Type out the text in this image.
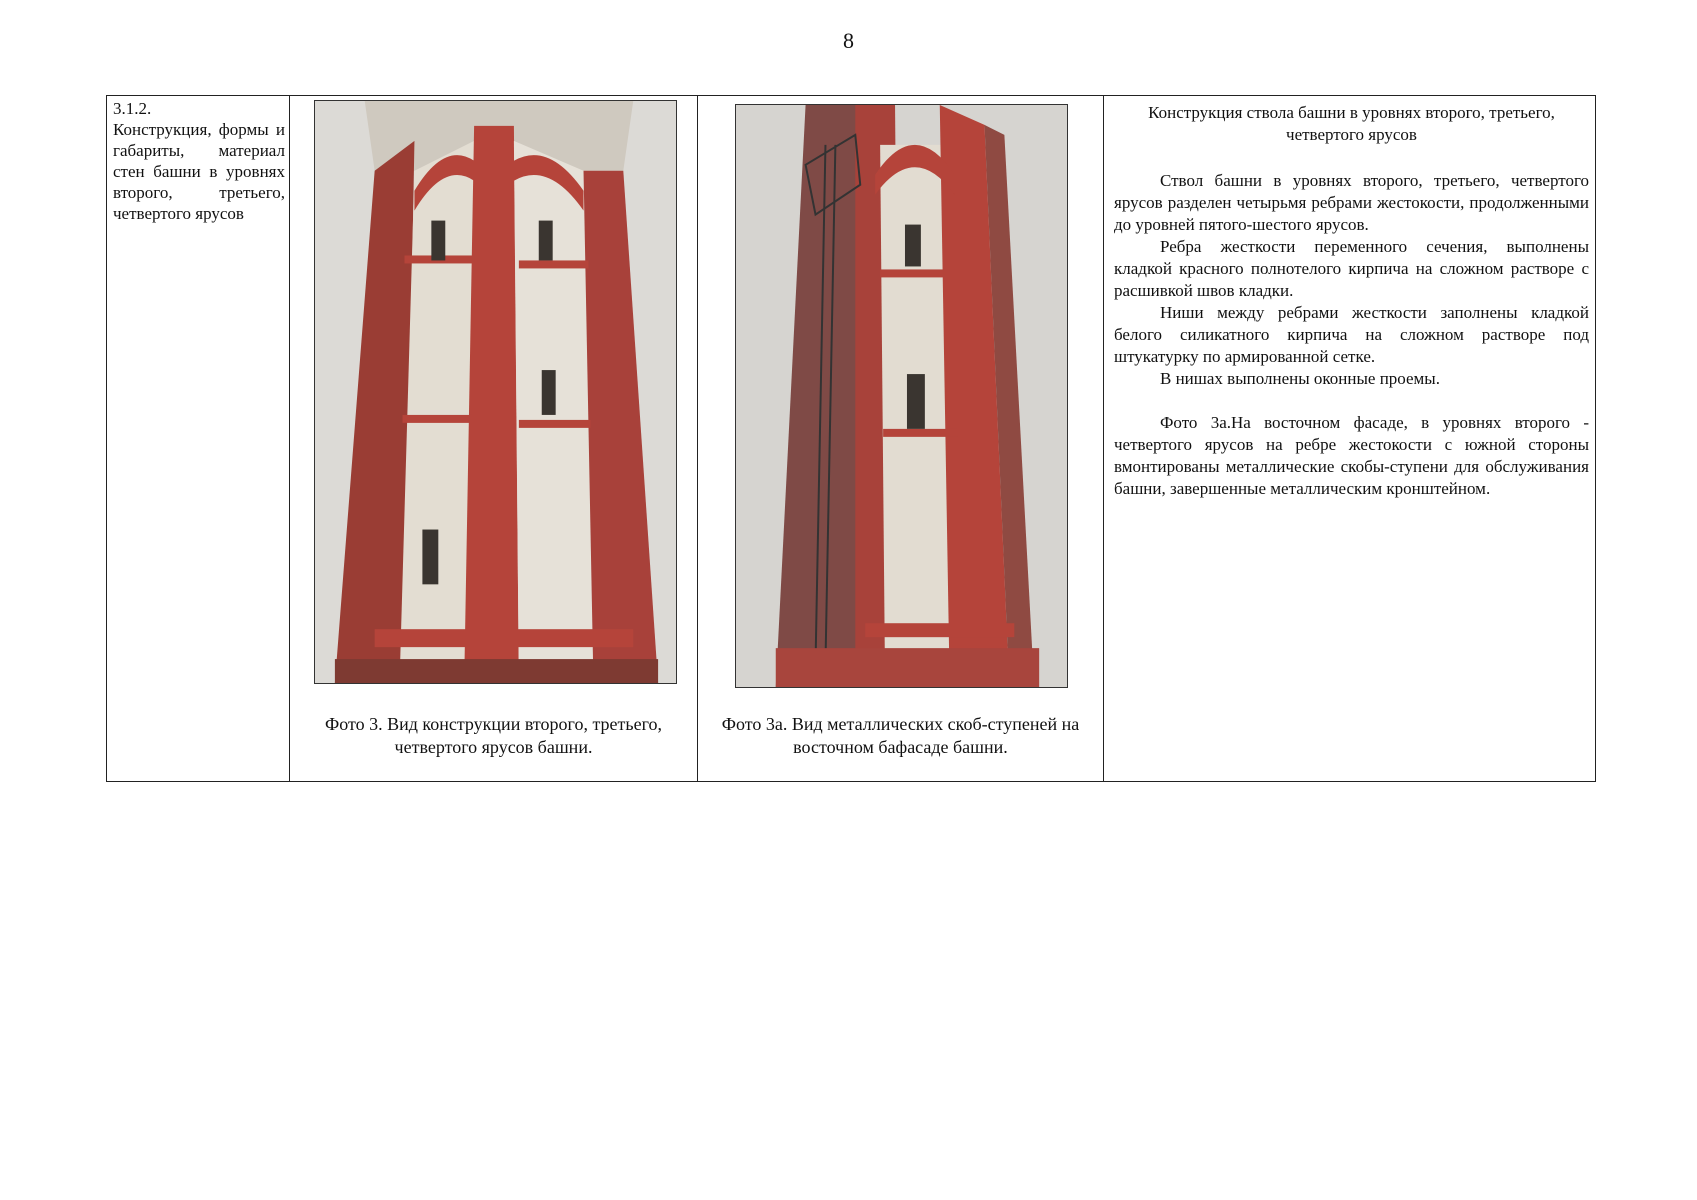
8
3.1.2.
Конструкция, формы и габариты, материал стен башни в уровнях второго, третьего, четвертого ярусов
Фото 3. Вид конструкции второго, третьего, четвертого ярусов башни.
Фото 3а. Вид металлических скоб-ступеней на восточном бафасаде башни.
Конструкция ствола башни в уровнях второго, третьего, четвертого ярусов

Ствол башни в уровнях второго, третьего, четвертого ярусов разделен четырьмя ребрами жестокости, продолженными до уровней пятого-шестого ярусов.

Ребра жесткости переменного сечения, выполнены кладкой красного полнотелого кирпича на сложном растворе с расшивкой швов кладки.

Ниши между ребрами жесткости заполнены кладкой белого силикатного кирпича на сложном растворе под штукатурку по армированной сетке.

В нишах выполнены оконные проемы.

Фото 3а.На восточном фасаде, в уровнях второго - четвертого ярусов на ребре жестокости с южной стороны вмонтированы металлические скобы-ступени для обслуживания башни, завершенные металлическим кронштейном.
